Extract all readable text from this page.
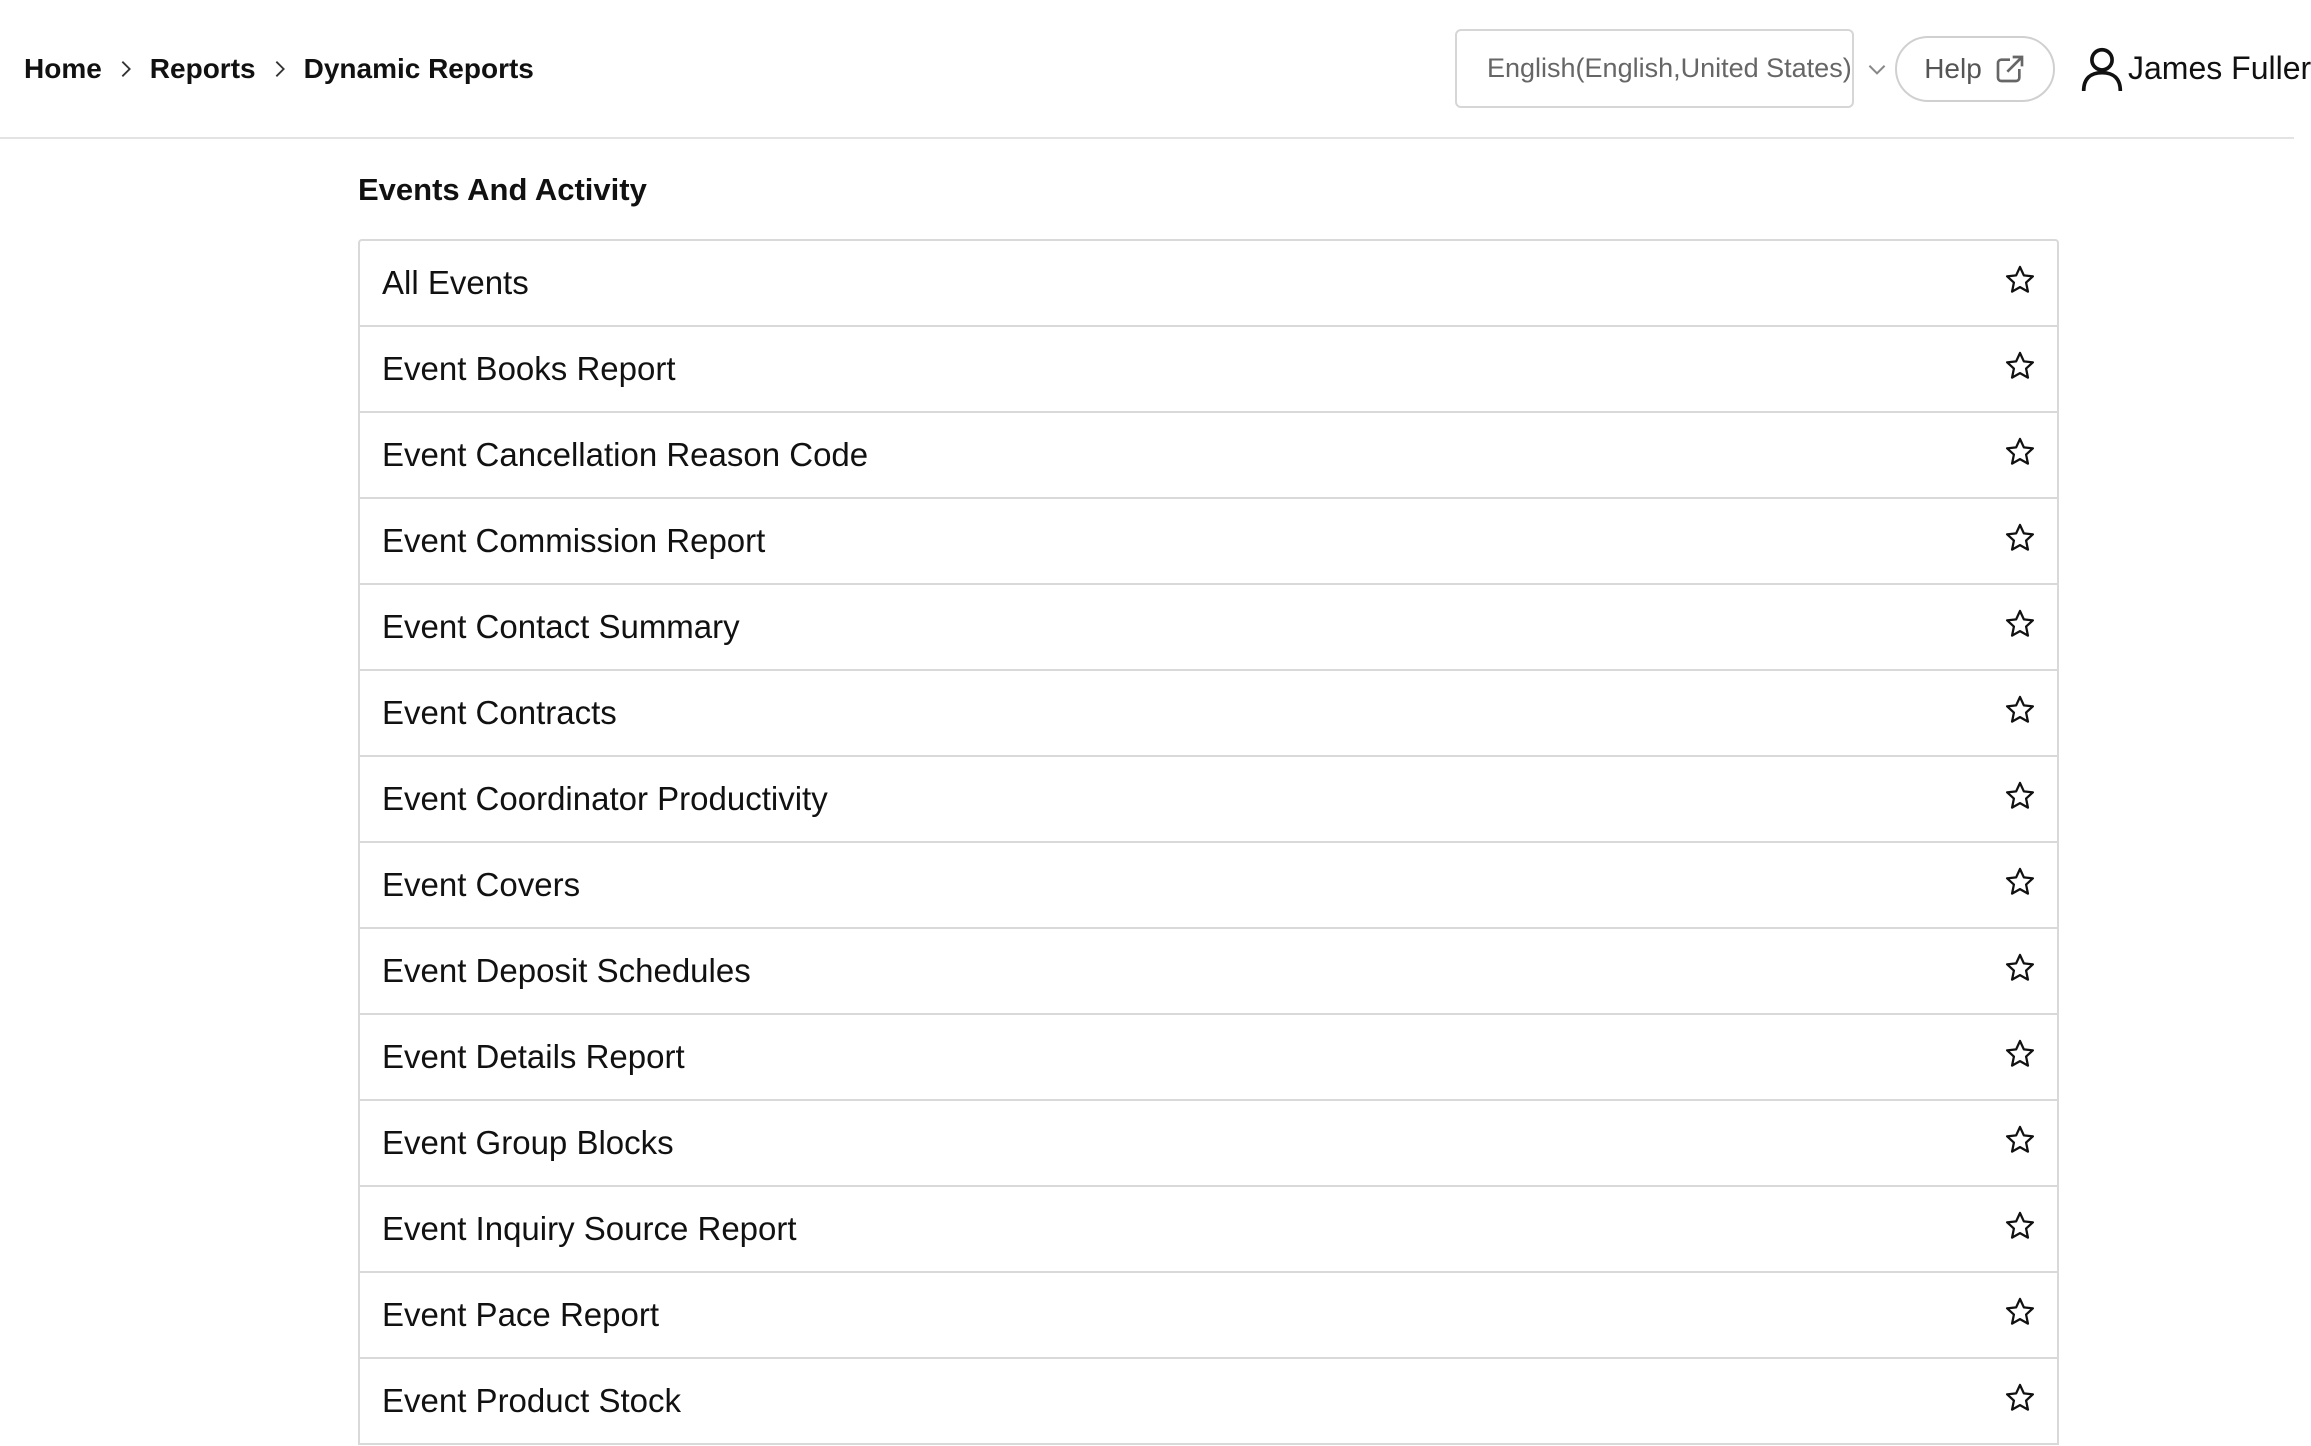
Home Reports Dynamic Reports	English(English,United States)	Help	James Fuller
Events And Activity
All Events
Event Books Report
Event Cancellation Reason Code
Event Commission Report
Event Contact Summary
Event Contracts
Event Coordinator Productivity
Event Covers
Event Deposit Schedules
Event Details Report
Event Group Blocks
Event Inquiry Source Report
Event Pace Report
Event Product Stock
